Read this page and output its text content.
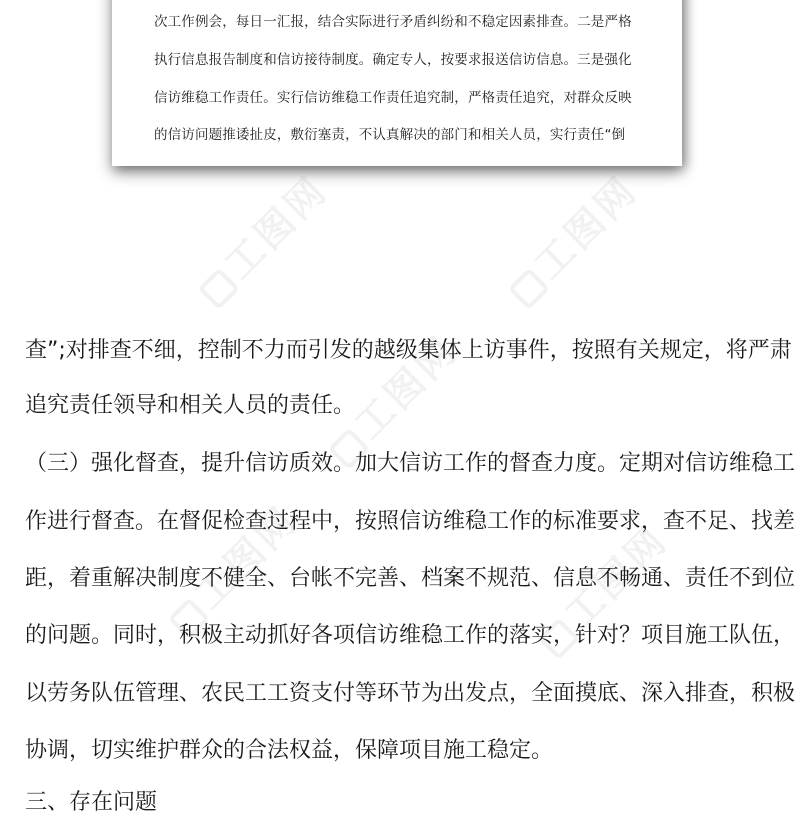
工图网	工图网
工图网
工图网	工图网
次工作例会，每日一汇报，结合实际进行矛盾纠纷和不稳定因素排查。二是严格
执行信息报告制度和信访接待制度。确定专人，按要求报送信访信息。三是强化
信访维稳工作责任。实行信访维稳工作责任追究制，严格责任追究，对群众反映
的信访问题推诿扯皮，敷衍塞责，不认真解决的部门和相关人员，实行责任“倒
查”;对排查不细，控制不力而引发的越级集体上访事件，按照有关规定，将严肃
追究责任领导和相关人员的责任。
（三）强化督查，提升信访质效。加大信访工作的督查力度。定期对信访维稳工
作进行督查。在督促检查过程中，按照信访维稳工作的标准要求，查不足、找差
距，着重解决制度不健全、台帐不完善、档案不规范、信息不畅通、责任不到位
的问题。同时，积极主动抓好各项信访维稳工作的落实，针对？项目施工队伍，
以劳务队伍管理、农民工工资支付等环节为出发点，全面摸底、深入排查，积极
协调，切实维护群众的合法权益，保障项目施工稳定。
三、存在问题
